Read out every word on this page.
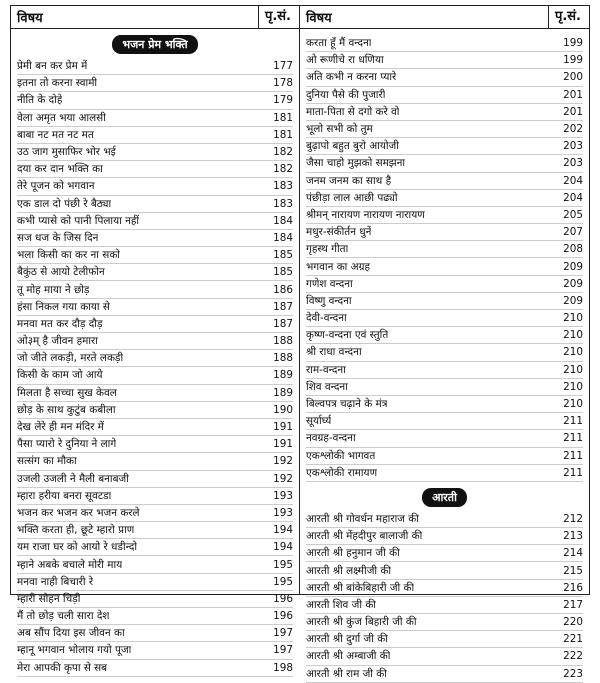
विषय	पृ.सं.
भजन प्रेम भक्ति
प्रेमी बन कर प्रेम में	177
इतना तो करना स्वामी	178
नीति के दोहे	179
वेला अमृत भया आलसी	181
बाबा नट मत नट मत	181
उठ जाग मुसाफिर भोर भई	182
दया कर दान भक्ति का	182
तेरे पूजन को भगवान	183
एक डाल दो पंछी रे बैठ्या	183
कभी प्यासे को पानी पिलाया नहीं	184
सज धज के जिस दिन	184
भला किसी का कर ना सको	185
बैकुंठ से आयो टेलीफोन	185
तू मोह माया ने छोड़	186
हंसा निकल गया काया से	187
मनवा मत कर दौड़ दौड़	187
ओ३म् है जीवन हमारा	188
जो जीते लकड़ी, मरते लकड़ी	188
किसी के काम जो आये	189
मिलता है सच्चा सुख केवल	189
छोड़ के साथ कुटुंब कबीला	190
देख लेरे ही मन मंदिर में	191
पैसा प्यारो रे दुनिया ने लागे	191
सत्संग का मौका	192
उजली उजली ने मैली बनाबजी	192
म्हारा हरीया बनरा सूवटडा	193
भजन कर भजन कर भजन करले	193
भक्ति करता ही, छूटे म्हारो प्राण	194
यम राजा घर को आयो रे धडीन्दो	194
म्हाने अबके बचाले मोरी माय	195
मनवा नाही बिचारी रे	195
म्हारी सोहन चिड़ी	196
मैं तो छोड़ चली सारा देश	196
अब सौंप दिया इस जीवन का	197
म्हानू भगवान भोलाय गयो पूजा	197
मेरा आपकी कृपा से सब	198
विषय	पृ.सं.
करता हूँ मैं वन्दना	199
ओ रूणीचे रा धणिया	199
अति कभी न करना प्यारे	200
दुनिया पैसे की पुजारी	201
माता-पिता से दगो करे वो	201
भूलो सभी को तुम	202
बुढ़ापो बहुत बुरो आयोजी	203
जैसा चाहो मुझको समझना	203
जनम जनम का साथ है	204
पंछीड़ा लाल आछी पढ्यो	204
श्रीमन् नारायण नारायण नारायण	205
मधुर-संकीर्तन धुनें	207
गृहस्थ गीता	208
भगवान का अग्रह	209
गणेश वन्दना	209
विष्णु वन्दना	209
देवी-वन्दना	210
कृष्ण-वन्दना एवं स्तुति	210
श्री राधा वन्दना	210
राम-वन्दना	210
शिव वन्दना	210
बिल्वपत्र चढ़ाने के मंत्र	210
सूर्यार्घ्य	211
नवग्रह-वन्दना	211
एकश्लोकी भागवत	211
एकश्लोकी रामायण	211
आरती
आरती श्री गोवर्धन महाराज की	212
आरती श्री मेंहदीपुर बालाजी की	213
आरती श्री हनुमान जी की	214
आरती श्री लक्ष्मीजी की	215
आरती श्री बांकेबिहारी जी की	216
आरती शिव जी की	217
आरती श्री कुंज बिहारी जी की	220
आरती श्री दुर्गा जी की	221
आरती श्री अम्बाजी की	222
आरती श्री राम जी की	223
